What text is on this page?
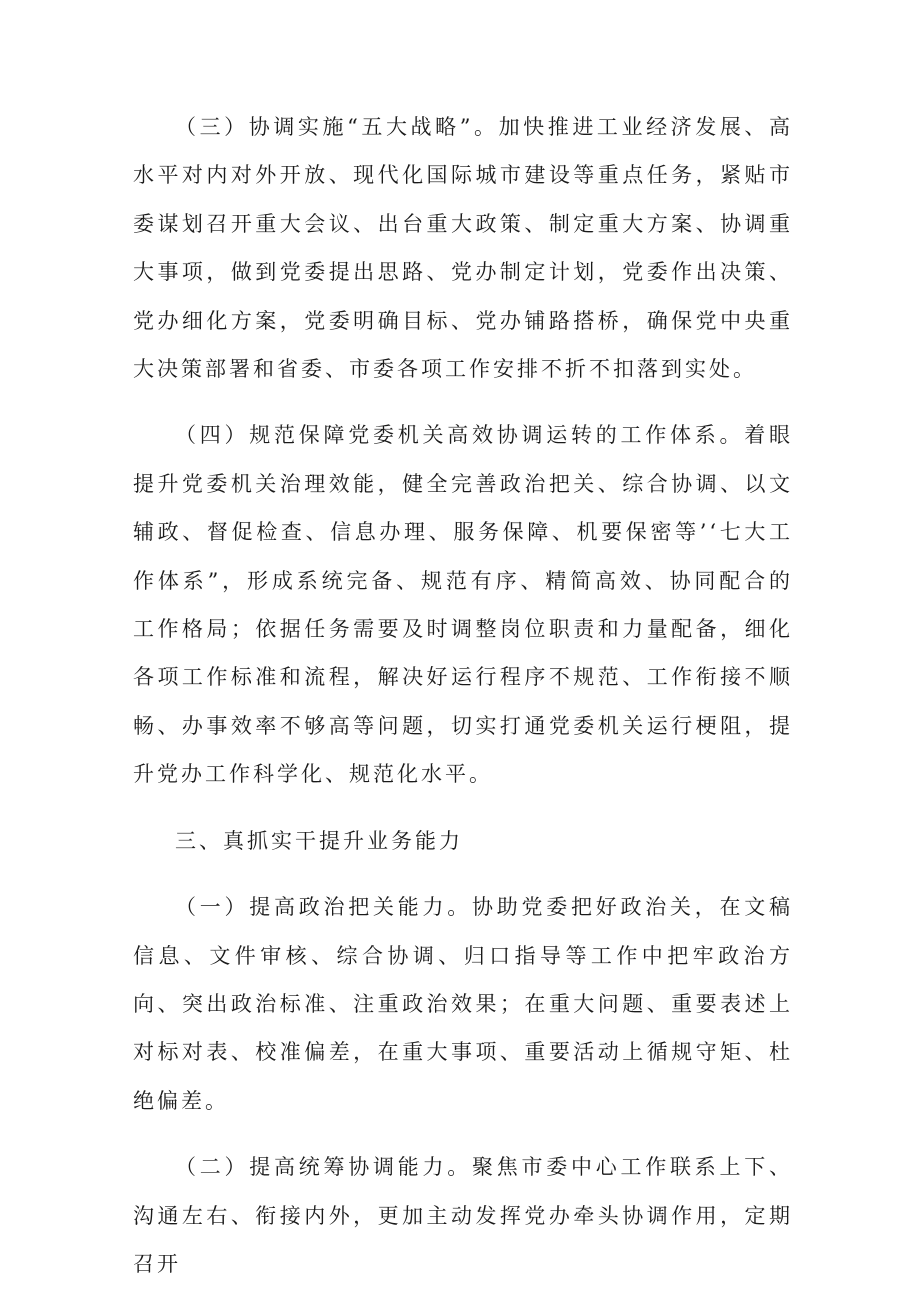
（三）协调实施“五大战略”。加快推进工业经济发展、高水平对内对外开放、现代化国际城市建设等重点任务，紧贴市委谋划召开重大会议、出台重大政策、制定重大方案、协调重大事项，做到党委提出思路、党办制定计划，党委作出决策、党办细化方案，党委明确目标、党办铺路搭桥，确保党中央重大决策部署和省委、市委各项工作安排不折不扣落到实处。

（四）规范保障党委机关高效协调运转的工作体系。着眼提升党委机关治理效能，健全完善政治把关、综合协调、以文辅政、督促检查、信息办理、服务保障、机要保密等’‘七大工作体系”，形成系统完备、规范有序、精简高效、协同配合的工作格局；依据任务需要及时调整岗位职责和力量配备，细化各项工作标准和流程，解决好运行程序不规范、工作衔接不顺畅、办事效率不够高等问题，切实打通党委机关运行梗阻，提升党办工作科学化、规范化水平。

三、真抓实干提升业务能力

（一）提高政治把关能力。协助党委把好政治关，在文稿信息、文件审核、综合协调、归口指导等工作中把牢政治方向、突出政治标准、注重政治效果；在重大问题、重要表述上对标对表、校准偏差，在重大事项、重要活动上循规守矩、杜绝偏差。

（二）提高统筹协调能力。聚焦市委中心工作联系上下、沟通左右、衔接内外，更加主动发挥党办牵头协调作用，定期召开
